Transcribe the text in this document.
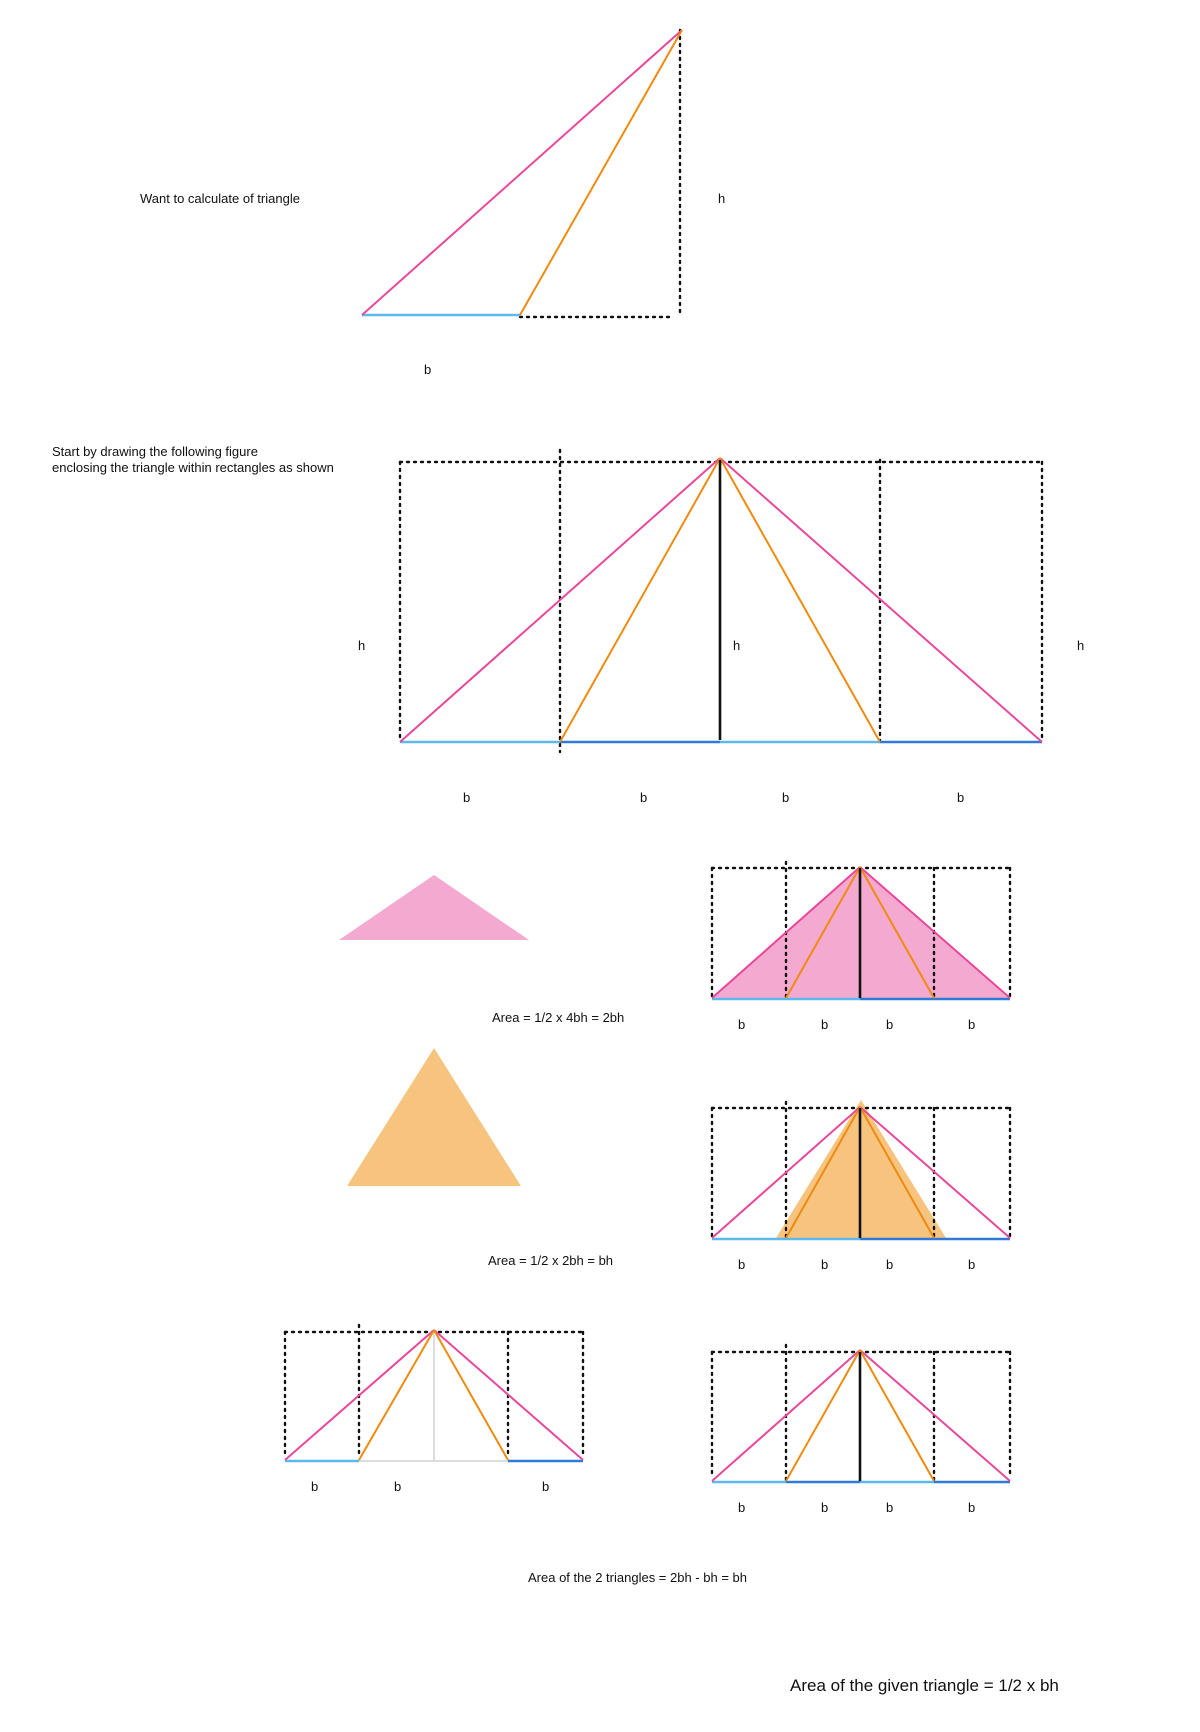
Want to calculate of triangle	h
b
Start by drawing the following figure
enclosing the triangle within rectangles as shown
h	h	h
b	b	b	b
Area = 1/2 x 4bh = 2bh	b	b	b	b
Area = 1/2 x 2bh = bh	b	b	b	b
b	b	b
b	b	b	b
Area of the 2 triangles = 2bh - bh = bh
Area of the given triangle = 1/2 x bh
